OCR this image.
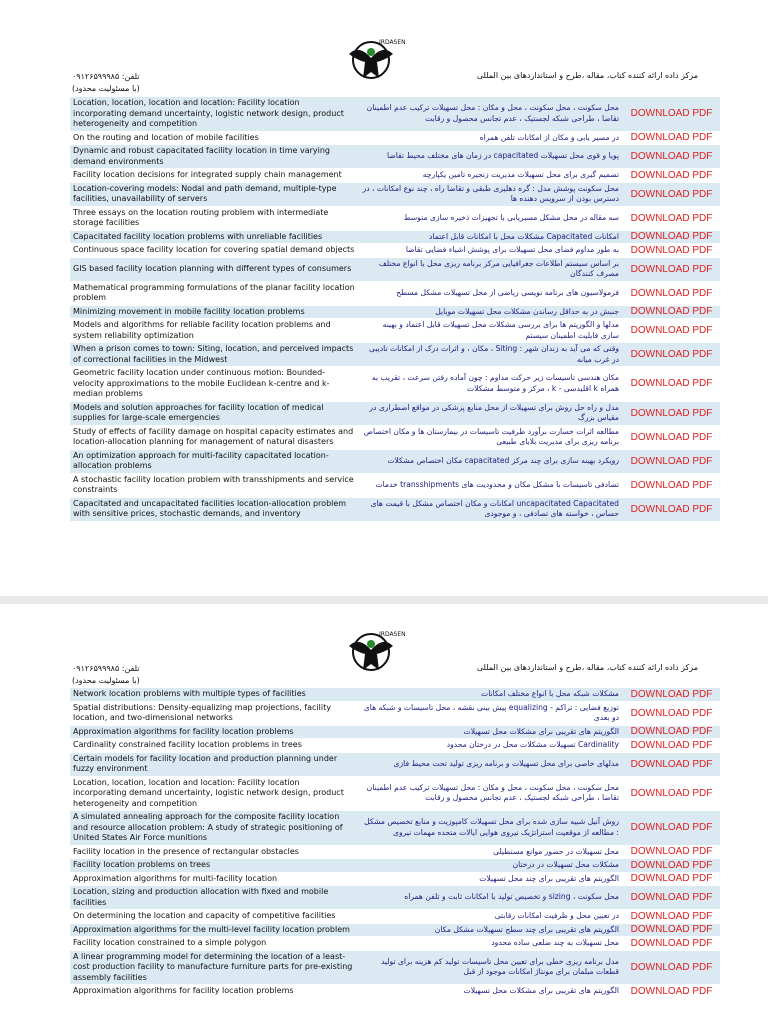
IRDASEN
تلفن: ۰۹۱۲۶۵۹۹۹۸۵
(با مسئولیت محدود)
مرکز داده ارائه کننده کتاب، مقاله ،طرح و استانداردهای بین المللی
Location, location, location and location: Facility location incorporating demand uncertainty, logistic network design, product heterogeneity and competition
محل سکونت ، محل سکونت ، محل و مکان : محل تسهیلات ترکیب عدم اطمینان تقاضا ، طراحی شبکه لجستیک ، عدم تجانس محصول و رقابت	DOWNLOAD PDF
On the routing and location of mobile facilities	در مسیر یابی و مکان از امکانات تلفن همراه	DOWNLOAD PDF
Dynamic and robust capacitated facility location in time varying demand environments
پویا و قوی محل تسهیلات capacitated در زمان های مختلف محیط تقاضا	DOWNLOAD PDF
Facility location decisions for integrated supply chain management	تصمیم گیری برای محل تسهیلات مدیریت زنجیره تامین یکپارچه	DOWNLOAD PDF
Location-covering models: Nodal and path demand, multiple-type facilities, unavailability of servers
محل سکونت پوشش مدل : گره دهلیزی طبقی و تقاضا راه ، چند نوع امکانات ، در دسترس بودن از سرویس دهنده ها	DOWNLOAD PDF
Three essays on the location routing problem with intermediate storage facilities
سه مقاله در محل مشکل مسیریابی با تجهیزات ذخیره سازی متوسط	DOWNLOAD PDF
Capacitated facility location problems with unreliable facilities	امکانات Capacitated مشکلات محل با امکانات قابل اعتماد	DOWNLOAD PDF
Continuous space facility location for covering spatial demand objects	به طور مداوم فضای محل تسهیلات برای پوشش اشیاء فضایی تقاضا	DOWNLOAD PDF
GIS based facility location planning with different types of consumers
بر اساس سیستم اطلاعات جغرافیایی مرکز برنامه ریزی محل با انواع مختلف مصرف کنندگان	DOWNLOAD PDF
Mathematical programming formulations of the planar facility location problem
فرمولاسیون های برنامه نویسی ریاضی از محل تسهیلات مشکل مسطح	DOWNLOAD PDF
Minimizing movement in mobile facility location problems	جنبش در به حداقل رساندن مشکلات محل تسهیلات موبایل	DOWNLOAD PDF
Models and algorithms for reliable facility location problems and system reliability optimization
مدلها و الگوریتم ها برای بررسی مشکلات محل تسهیلات قابل اعتماد و بهینه سازی قابلیت اطمینان سیستم	DOWNLOAD PDF
When a prison comes to town: Siting, location, and perceived impacts of correctional facilities in the Midwest
وقتی که می آید به زندان شهر : Siting ، مکان ، و اثرات درک از امکانات تادیبی در غرب میانه	DOWNLOAD PDF
Geometric facility location under continuous motion: Bounded-velocity approximations to the mobile Euclidean k-centre and k-median problems
مکان هندسی تاسیسات زیر حرکت مداوم : چون آماده رفتن سرعت ، تقریب به همراه k اقلیدسی - k ، مرکز و متوسط مشکلات	DOWNLOAD PDF
Models and solution approaches for facility location of medical supplies for large-scale emergencies
مدل و راه حل روش برای تسهیلات از محل منابع پزشکی در مواقع اضطراری در مقیاس بزرگ	DOWNLOAD PDF
Study of effects of facility damage on hospital capacity estimates and location-allocation planning for management of natural disasters
مطالعه اثرات خسارت برآورد ظرفیت تاسیسات در بیمارستان ها و مکان اختصاص برنامه ریزی برای مدیریت بلایای طبیعی	DOWNLOAD PDF
An optimization approach for multi-facility capacitated location-allocation problems
رویکرد بهینه سازی برای چند مرکز capacitated مکان اختصاص مشکلات	DOWNLOAD PDF
A stochastic facility location problem with transshipments and service constraints
تصادفی تاسیسات با مشکل مکان و محدودیت های transshipments خدمات	DOWNLOAD PDF
Capacitated and uncapacitated facilities location-allocation problem with sensitive prices, stochastic demands, and inventory
uncapacitated Capacitated امکانات و مکان اختصاص مشکل با قیمت های حساس ، خواسته های تصادفی ، و موجودی	DOWNLOAD PDF
IRDASEN
تلفن: ۰۹۱۲۶۵۹۹۹۸۵
(با مسئولیت محدود)
مرکز داده ارائه کننده کتاب، مقاله ،طرح و استانداردهای بین المللی
Network location problems with multiple types of facilities	مشکلات شبکه محل با انواع مختلف امکانات	DOWNLOAD PDF
Spatial distributions: Density-equalizing map projections, facility location, and two-dimensional networks
توزیع فضایی : تراکم - equalizing پیش بینی نقشه ، محل تاسیسات و شبکه های دو بعدی	DOWNLOAD PDF
Approximation algorithms for facility location problems	الگوریتم های تقریبی برای مشکلات محل تسهیلات	DOWNLOAD PDF
Cardinality constrained facility location problems in trees	Cardinality تسهیلات مشکلات محل در درختان محدود	DOWNLOAD PDF
Certain models for facility location and production planning under fuzzy environment
مدلهای خاصی برای محل تسهیلات و برنامه ریزی تولید تحت محیط فازی	DOWNLOAD PDF
Location, location, location and location: Facility location incorporating demand uncertainty, logistic network design, product heterogeneity and competition
محل سکونت ، محل سکونت ، محل و مکان : محل تسهیلات ترکیب عدم اطمینان تقاضا ، طراحی شبکه لجستیک ، عدم تجانس محصول و رقابت	DOWNLOAD PDF
A simulated annealing approach for the composite facility location and resource allocation problem: A study of strategic positioning of United States Air Force munitions
روش آنیل شبیه سازی شده برای محل تسهیلات کامپوزیت و منابع تخصیص مشکل : مطالعه از موقعیت استراتژیک نیروی هوایی ایالات متحده مهمات نیروی	DOWNLOAD PDF
Facility location in the presence of rectangular obstacles	محل تسهیلات در حضور موانع مستطیلی	DOWNLOAD PDF
Facility location problems on trees	مشکلات محل تسهیلات در درختان	DOWNLOAD PDF
Approximation algorithms for multi-facility location	الگوریتم های تقریبی برای چند محل تسهیلات	DOWNLOAD PDF
Location, sizing and production allocation with fixed and mobile facilities
محل سکونت ، sizing و تخصیص تولید با امکانات ثابت و تلفن همراه	DOWNLOAD PDF
On determining the location and capacity of competitive facilities	در تعیین محل و ظرفیت امکانات رقابتی	DOWNLOAD PDF
Approximation algorithms for the multi-level facility location problem	الگوریتم های تقریبی برای چند سطح تسهیلات مشکل مکان	DOWNLOAD PDF
Facility location constrained to a simple polygon	محل تسهیلات به چند ضلعی ساده محدود	DOWNLOAD PDF
A linear programming model for determining the location of a least-cost production facility to manufacture furniture parts for pre-existing assembly facilities
مدل برنامه ریزی خطی برای تعیین محل تاسیسات تولید کم هزینه برای تولید قطعات مبلمان برای مونتاژ امکانات موجود از قبل	DOWNLOAD PDF
Approximation algorithms for facility location problems	الگوریتم های تقریبی برای مشکلات محل تسهیلات	DOWNLOAD PDF
